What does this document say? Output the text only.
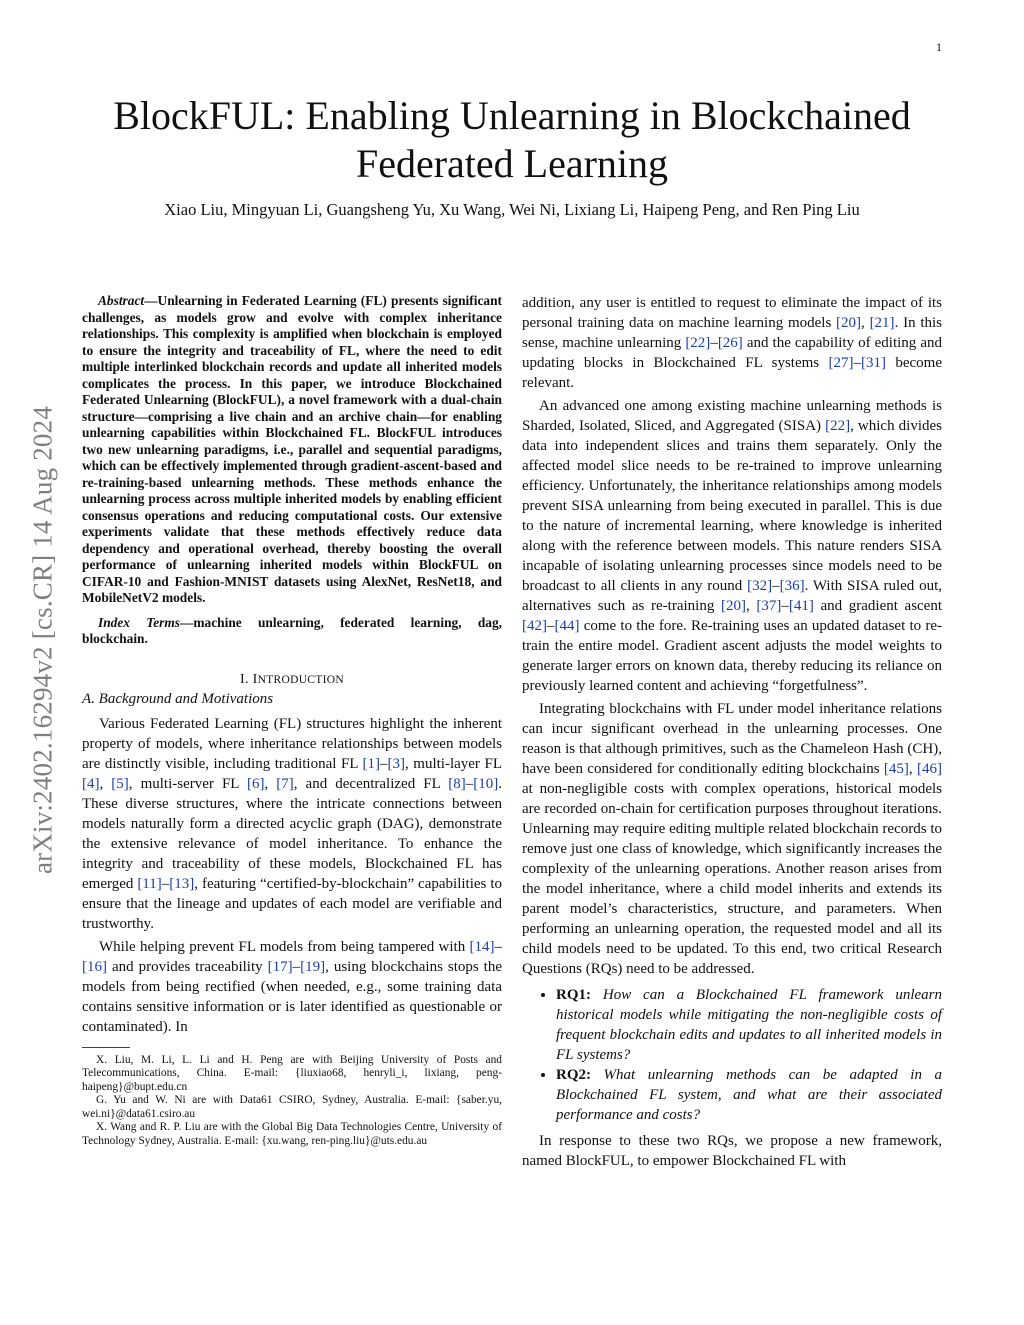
1
arXiv:2402.16294v2 [cs.CR] 14 Aug 2024
BlockFUL: Enabling Unlearning in Blockchained
Federated Learning
Xiao Liu, Mingyuan Li, Guangsheng Yu, Xu Wang, Wei Ni, Lixiang Li, Haipeng Peng, and Ren Ping Liu

Abstract—Unlearning in Federated Learning (FL) presents significant challenges, as models grow and evolve with complex inheritance relationships. This complexity is amplified when blockchain is employed to ensure the integrity and traceability of FL, where the need to edit multiple interlinked blockchain records and update all inherited models complicates the process. In this paper, we introduce Blockchained Federated Unlearning (BlockFUL), a novel framework with a dual-chain structure—comprising a live chain and an archive chain—for enabling unlearning capabilities within Blockchained FL. BlockFUL introduces two new unlearning paradigms, i.e., parallel and sequential paradigms, which can be effectively implemented through gradient-ascent-based and re-training-based unlearning methods. These methods enhance the unlearning process across multiple inherited models by enabling efficient consensus operations and reducing computational costs. Our extensive experiments validate that these methods effectively reduce data dependency and operational overhead, thereby boosting the overall performance of unlearning inherited models within BlockFUL on CIFAR-10 and Fashion-MNIST datasets using AlexNet, ResNet18, and MobileNetV2 models.

Index Terms—machine unlearning, federated learning, dag, blockchain.

I. INTRODUCTION
A. Background and Motivations

Various Federated Learning (FL) structures highlight the inherent property of models, where inheritance relationships between models are distinctly visible, including traditional FL [1]–[3], multi-layer FL [4], [5], multi-server FL [6], [7], and decentralized FL [8]–[10]. These diverse structures, where the intricate connections between models naturally form a directed acyclic graph (DAG), demonstrate the extensive relevance of model inheritance. To enhance the integrity and traceability of these models, Blockchained FL has emerged [11]–[13], featuring “certified-by-blockchain” capabilities to ensure that the lineage and updates of each model are verifiable and trustworthy.

While helping prevent FL models from being tampered with [14]–[16] and provides traceability [17]–[19], using blockchains stops the models from being rectified (when needed, e.g., some training data contains sensitive information or is later identified as questionable or contaminated). In

X. Liu, M. Li, L. Li and H. Peng are with Beijing University of Posts and Telecommunications, China. E-mail: {liuxiao68, henryli_i, lixiang, peng-haipeng}@bupt.edu.cn

G. Yu and W. Ni are with Data61 CSIRO, Sydney, Australia. E-mail: {saber.yu, wei.ni}@data61.csiro.au

X. Wang and R. P. Liu are with the Global Big Data Technologies Centre, University of Technology Sydney, Australia. E-mail: {xu.wang, ren-ping.liu}@uts.edu.au

addition, any user is entitled to request to eliminate the impact of its personal training data on machine learning models [20], [21]. In this sense, machine unlearning [22]–[26] and the capability of editing and updating blocks in Blockchained FL systems [27]–[31] become relevant.

An advanced one among existing machine unlearning methods is Sharded, Isolated, Sliced, and Aggregated (SISA) [22], which divides data into independent slices and trains them separately. Only the affected model slice needs to be re-trained to improve unlearning efficiency. Unfortunately, the inheritance relationships among models prevent SISA unlearning from being executed in parallel. This is due to the nature of incremental learning, where knowledge is inherited along with the reference between models. This nature renders SISA incapable of isolating unlearning processes since models need to be broadcast to all clients in any round [32]–[36]. With SISA ruled out, alternatives such as re-training [20], [37]–[41] and gradient ascent [42]–[44] come to the fore. Re-training uses an updated dataset to re-train the entire model. Gradient ascent adjusts the model weights to generate larger errors on known data, thereby reducing its reliance on previously learned content and achieving “forgetfulness”.

Integrating blockchains with FL under model inheritance relations can incur significant overhead in the unlearning processes. One reason is that although primitives, such as the Chameleon Hash (CH), have been considered for conditionally editing blockchains [45], [46] at non-negligible costs with complex operations, historical models are recorded on-chain for certification purposes throughout iterations. Unlearning may require editing multiple related blockchain records to remove just one class of knowledge, which significantly increases the complexity of the unlearning operations. Another reason arises from the model inheritance, where a child model inherits and extends its parent model’s characteristics, structure, and parameters. When performing an unlearning operation, the requested model and all its child models need to be updated. To this end, two critical Research Questions (RQs) need to be addressed.

• RQ1: How can a Blockchained FL framework unlearn historical models while mitigating the non-negligible costs of frequent blockchain edits and updates to all inherited models in FL systems?
• RQ2: What unlearning methods can be adapted in a Blockchained FL system, and what are their associated performance and costs?

In response to these two RQs, we propose a new framework, named BlockFUL, to empower Blockchained FL with
